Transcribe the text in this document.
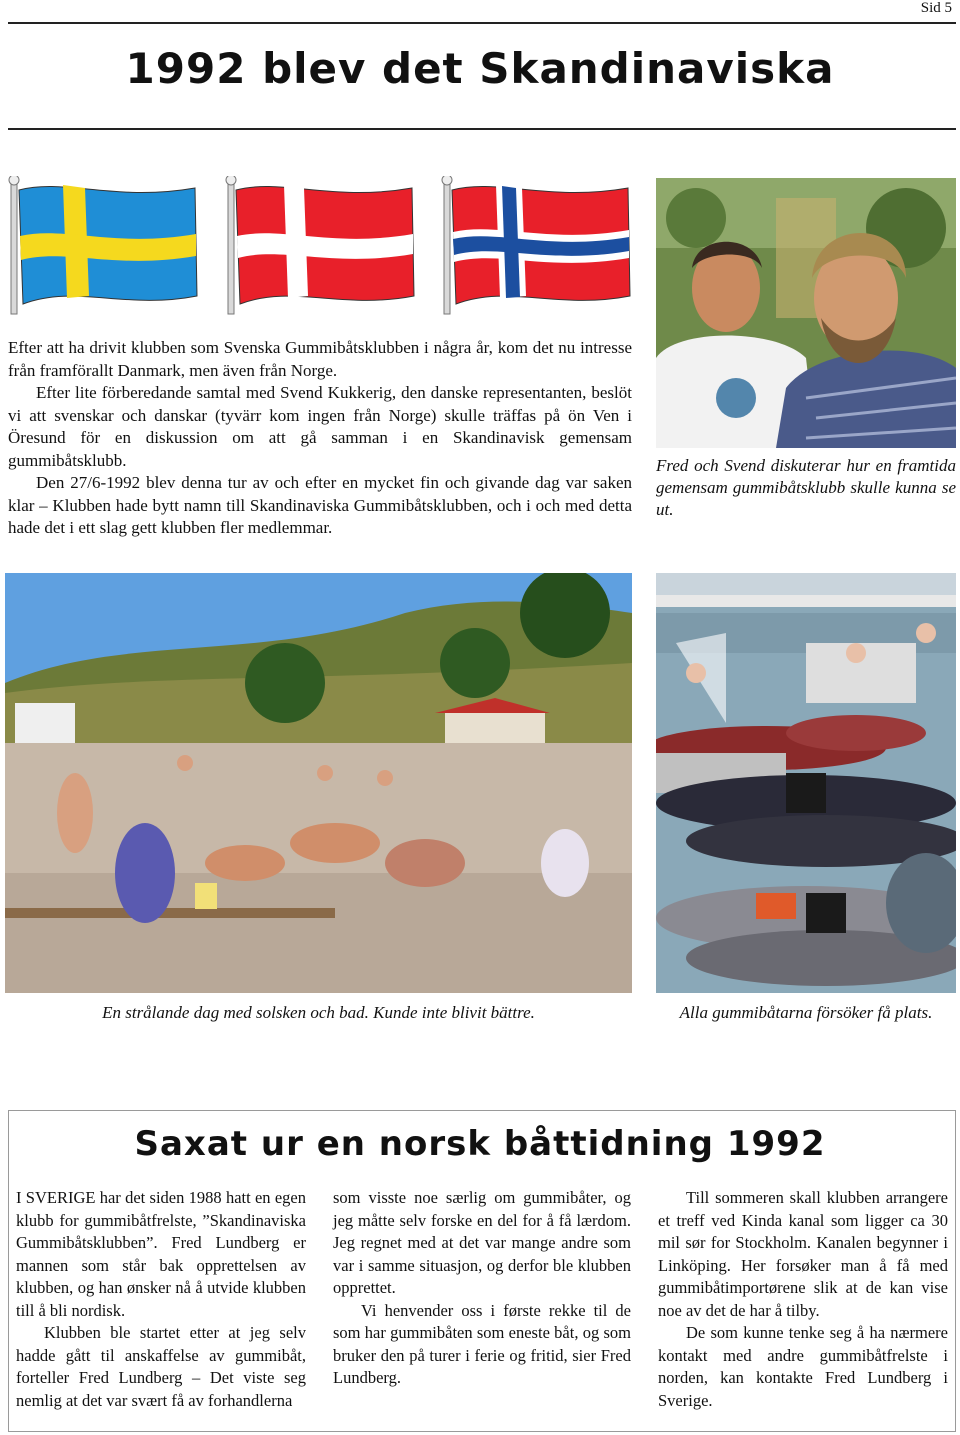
Sid 5
1992 blev det Skandinaviska

Efter att ha drivit klubben som Svenska Gummibåtsklubben i några år, kom det nu intresse från framförallt Danmark, men även från Norge.

Efter lite förberedande samtal med Svend Kukkerig, den danske representanten, beslöt vi att svenskar och danskar (tyvärr kom ingen från Norge) skulle träffas på ön Ven i Öresund för en diskussion om att gå samman i en Skandinavisk gemensam gummibåtsklubb.

Den 27/6-1992 blev denna tur av och efter en mycket fin och givande dag var saken klar – Klubben hade bytt namn till Skandinaviska Gummibåtsklubben, och i och med detta hade det i ett slag gett klubben fler medlemmar.

Fred och Svend diskuterar hur en framtida gemensam gummibåtsklubb skulle kunna se ut.
En strålande dag med solsken och bad. Kunde inte blivit bättre.	Alla gummibåtarna försöker få plats.
Saxat ur en norsk båttidning 1992

I SVERIGE har det siden 1988 hatt en egen klubb for gummibåtfrelste, ”Skandinaviska Gummibåtsklubben”. Fred Lundberg er mannen som står bak opprettelsen av klubben, og han ønsker nå å utvide klubben till å bli nordisk.

Klubben ble startet etter at jeg selv hadde gått til anskaffelse av gummibåt, forteller Fred Lundberg – Det viste seg nemlig at det var svært få av forhandlerna

som visste noe særlig om gummibåter, og jeg måtte selv forske en del for å få lærdom. Jeg regnet med at det var mange andre som var i samme situasjon, og derfor ble klubben opprettet.

Vi henvender oss i første rekke til de som har gummibåten som eneste båt, og som bruker den på turer i ferie og fritid, sier Fred Lundberg.

Till sommeren skall klubben arrangere et treff ved Kinda kanal som ligger ca 30 mil sør for Stockholm. Kanalen begynner i Linköping. Her forsøker man å få med gummibåtimportørene slik at de kan vise noe av det de har å tilby.

De som kunne tenke seg å ha nærmere kontakt med andre gummibåtfrelste i norden, kan kontakte Fred Lundberg i Sverige.
